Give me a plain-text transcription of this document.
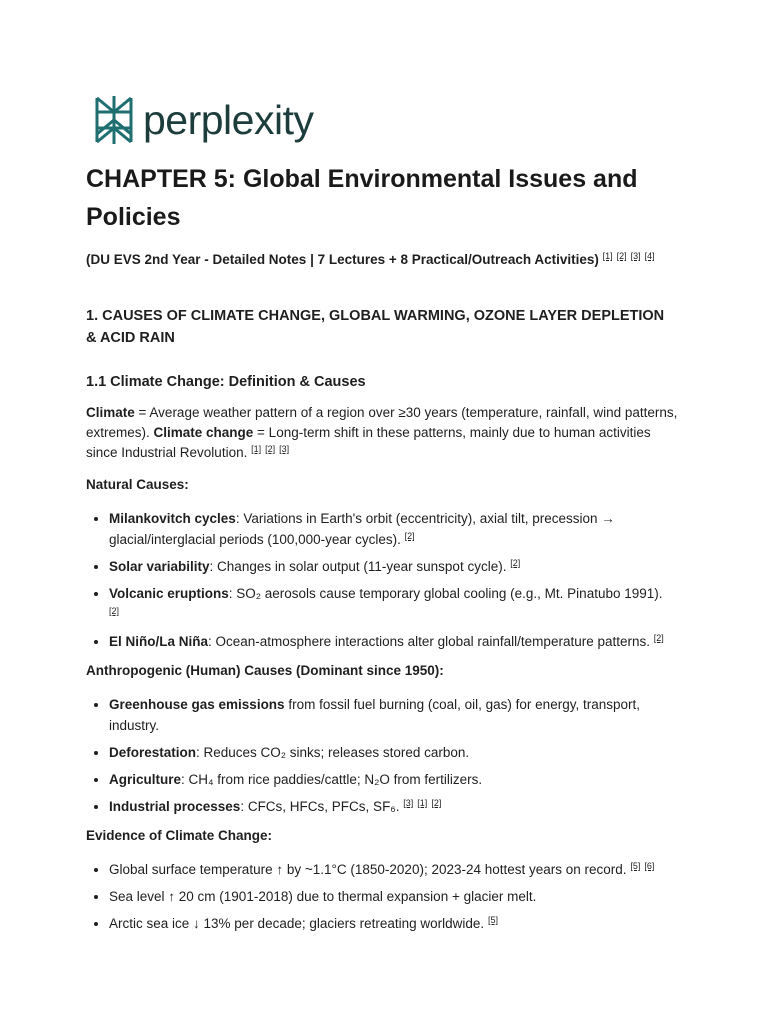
perplexity
CHAPTER 5: Global Environmental Issues and Policies
(DU EVS 2nd Year - Detailed Notes | 7 Lectures + 8 Practical/Outreach Activities) [1] [2] [3] [4]
1. CAUSES OF CLIMATE CHANGE, GLOBAL WARMING, OZONE LAYER DEPLETION & ACID RAIN
1.1 Climate Change: Definition & Causes

Climate = Average weather pattern of a region over ≥30 years (temperature, rainfall, wind patterns, extremes). Climate change = Long-term shift in these patterns, mainly due to human activities since Industrial Revolution. [1] [2] [3]

Natural Causes:

• Milankovitch cycles: Variations in Earth's orbit (eccentricity), axial tilt, precession → glacial/interglacial periods (100,000-year cycles). [2]
• Solar variability: Changes in solar output (11-year sunspot cycle). [2]
• Volcanic eruptions: SO₂ aerosols cause temporary global cooling (e.g., Mt. Pinatubo 1991). [2]
• El Niño/La Niña: Ocean-atmosphere interactions alter global rainfall/temperature patterns. [2]

Anthropogenic (Human) Causes (Dominant since 1950):

• Greenhouse gas emissions from fossil fuel burning (coal, oil, gas) for energy, transport, industry.
• Deforestation: Reduces CO₂ sinks; releases stored carbon.
• Agriculture: CH₄ from rice paddies/cattle; N₂O from fertilizers.
• Industrial processes: CFCs, HFCs, PFCs, SF₆. [3] [1] [2]

Evidence of Climate Change:

• Global surface temperature ↑ by ~1.1°C (1850-2020); 2023-24 hottest years on record. [5] [6]
• Sea level ↑ 20 cm (1901-2018) due to thermal expansion + glacier melt.
• Arctic sea ice ↓ 13% per decade; glaciers retreating worldwide. [5]
